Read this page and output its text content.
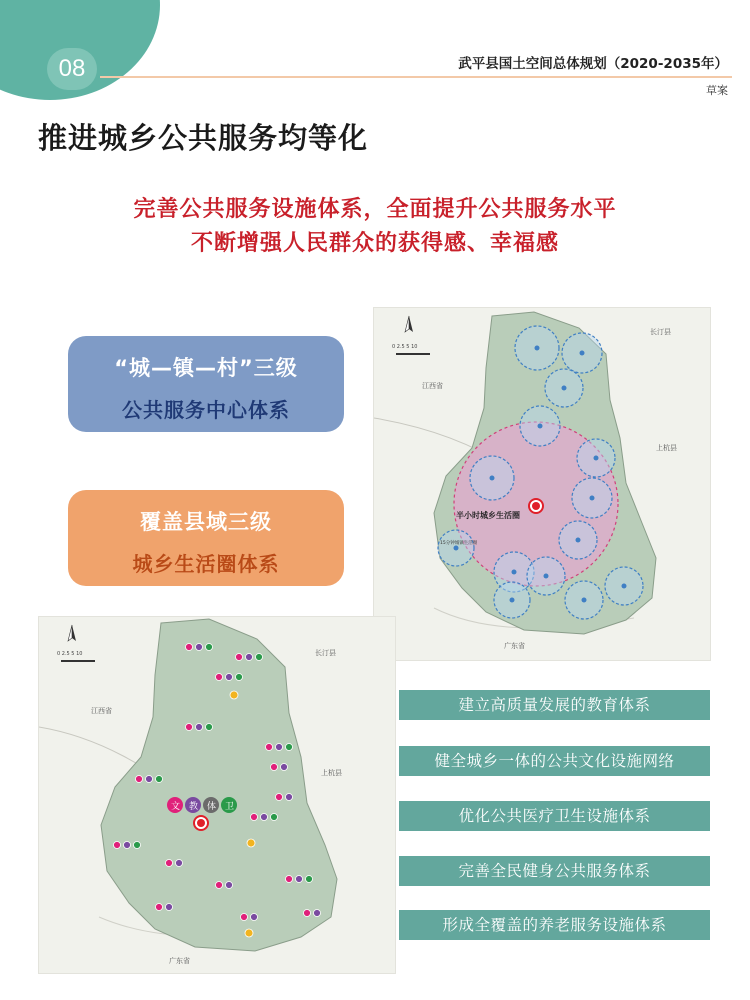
08	武平县国土空间总体规划（2020-2035年）
草案
推进城乡公共服务均等化
完善公共服务设施体系，全面提升公共服务水平
不断增强人民群众的获得感、幸福感
“城—镇—村”三级
公共服务中心体系
覆盖县域三级
城乡生活圈体系
0 2.5 5 10
江西省
长汀县
上杭县
广东省
半小时城乡生活圈
15分钟城镇生活圈
文 教 体 卫
0 2.5 5 10
江西省
长汀县
上杭县
广东省
建立高质量发展的教育体系
健全城乡一体的公共文化设施网络
优化公共医疗卫生设施体系
完善全民健身公共服务体系
形成全覆盖的养老服务设施体系
